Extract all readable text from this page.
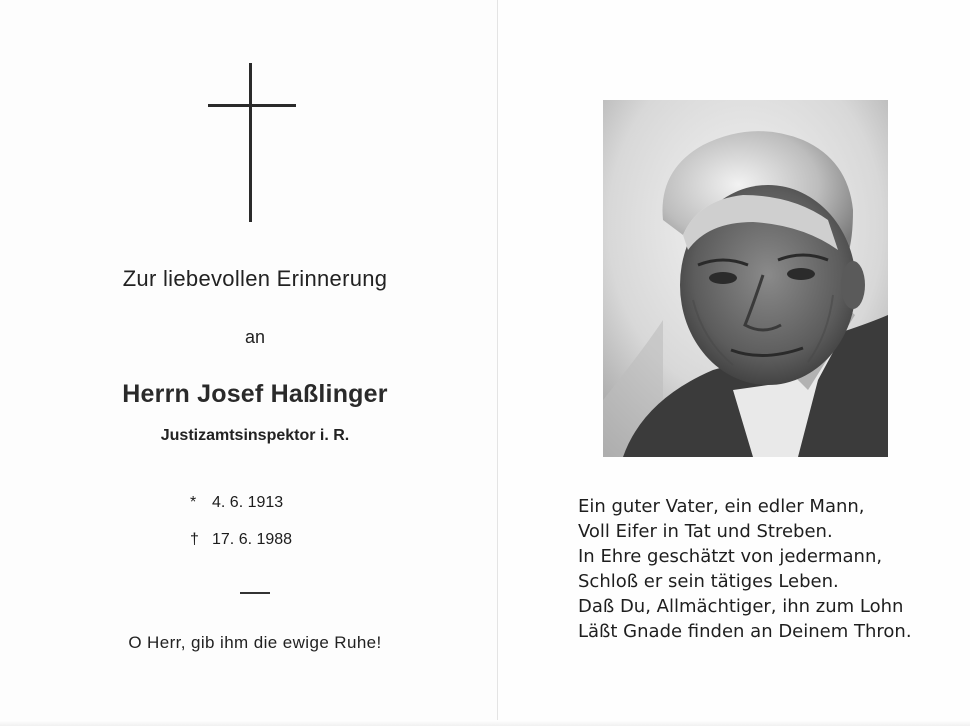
Zur liebevollen Erinnerung
an
Herrn Josef Haßlinger
Justizamtsinspektor i. R.
* 4. 6. 1913
† 17. 6. 1988
O Herr, gib ihm die ewige Ruhe!
Ein guter Vater, ein edler Mann,
Voll Eifer in Tat und Streben.
In Ehre geschätzt von jedermann,
Schloß er sein tätiges Leben.
Daß Du, Allmächtiger, ihn zum Lohn
Läßt Gnade finden an Deinem Thron.
